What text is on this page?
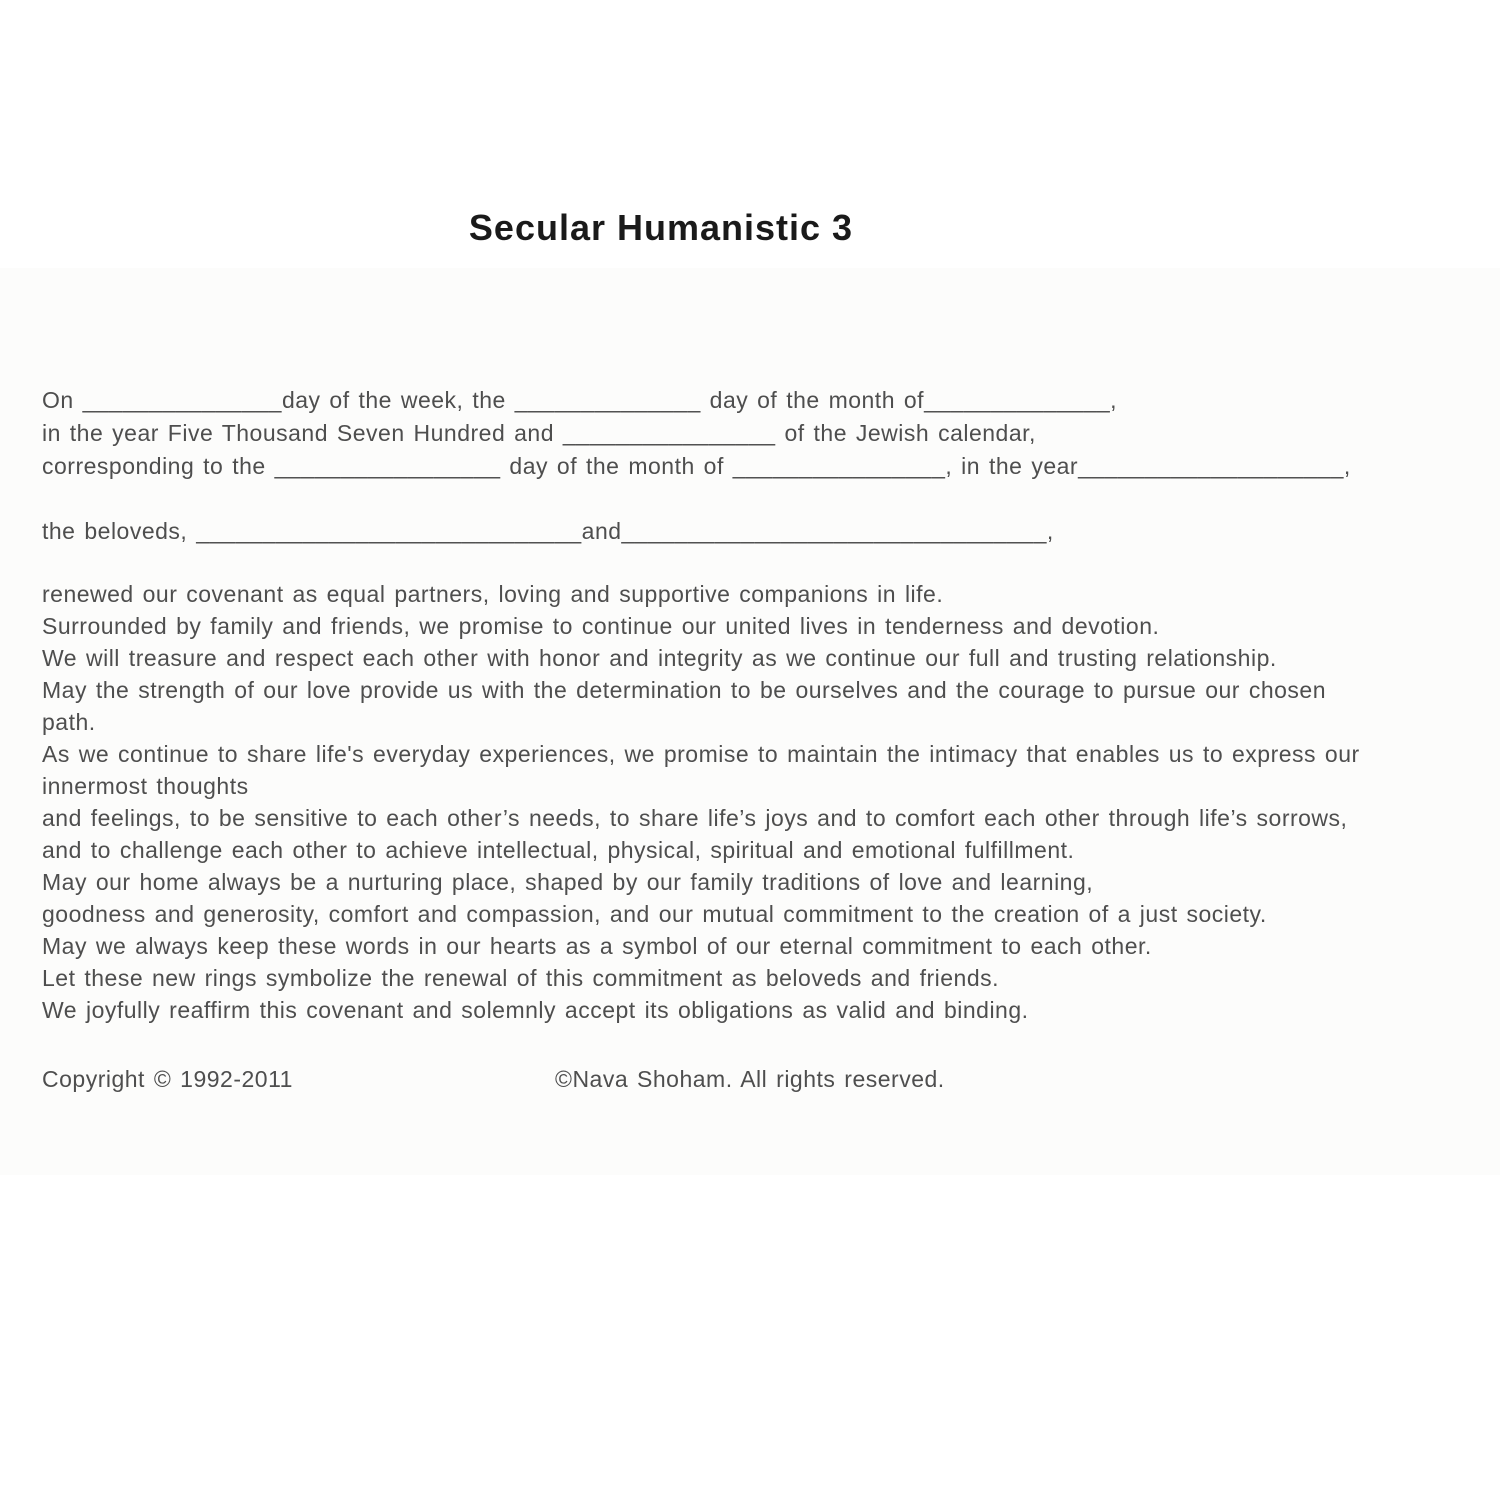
Secular Humanistic 3
On _______________day of the week, the ______________ day of the month of______________,
in the year Five Thousand Seven Hundred and ________________ of the Jewish calendar,
corresponding to the _________________ day of the month of ________________, in the year____________________,
the beloveds, _____________________________and________________________________,
renewed our covenant as equal partners, loving and supportive companions in life.
Surrounded by family and friends, we promise to continue our united lives in tenderness and devotion.
We will treasure and respect each other with honor and integrity as we continue our full and trusting relationship.
May the strength of our love provide us with the determination to be ourselves and the courage to pursue our chosen
path.
As we continue to share life's everyday experiences, we promise to maintain the intimacy that enables us to express our
innermost thoughts
and feelings, to be sensitive to each other’s needs, to share life’s joys and to comfort each other through life’s sorrows,
and to challenge each other to achieve intellectual, physical, spiritual and emotional fulfillment.
May our home always be a nurturing place, shaped by our family traditions of love and learning,
goodness and generosity, comfort and compassion, and our mutual commitment to the creation of a just society.
May we always keep these words in our hearts as a symbol of our eternal commitment to each other.
Let these new rings symbolize the renewal of this commitment as beloveds and friends.
We joyfully reaffirm this covenant and solemnly accept its obligations as valid and binding.
Copyright © 1992-2011	©Nava Shoham. All rights reserved.
